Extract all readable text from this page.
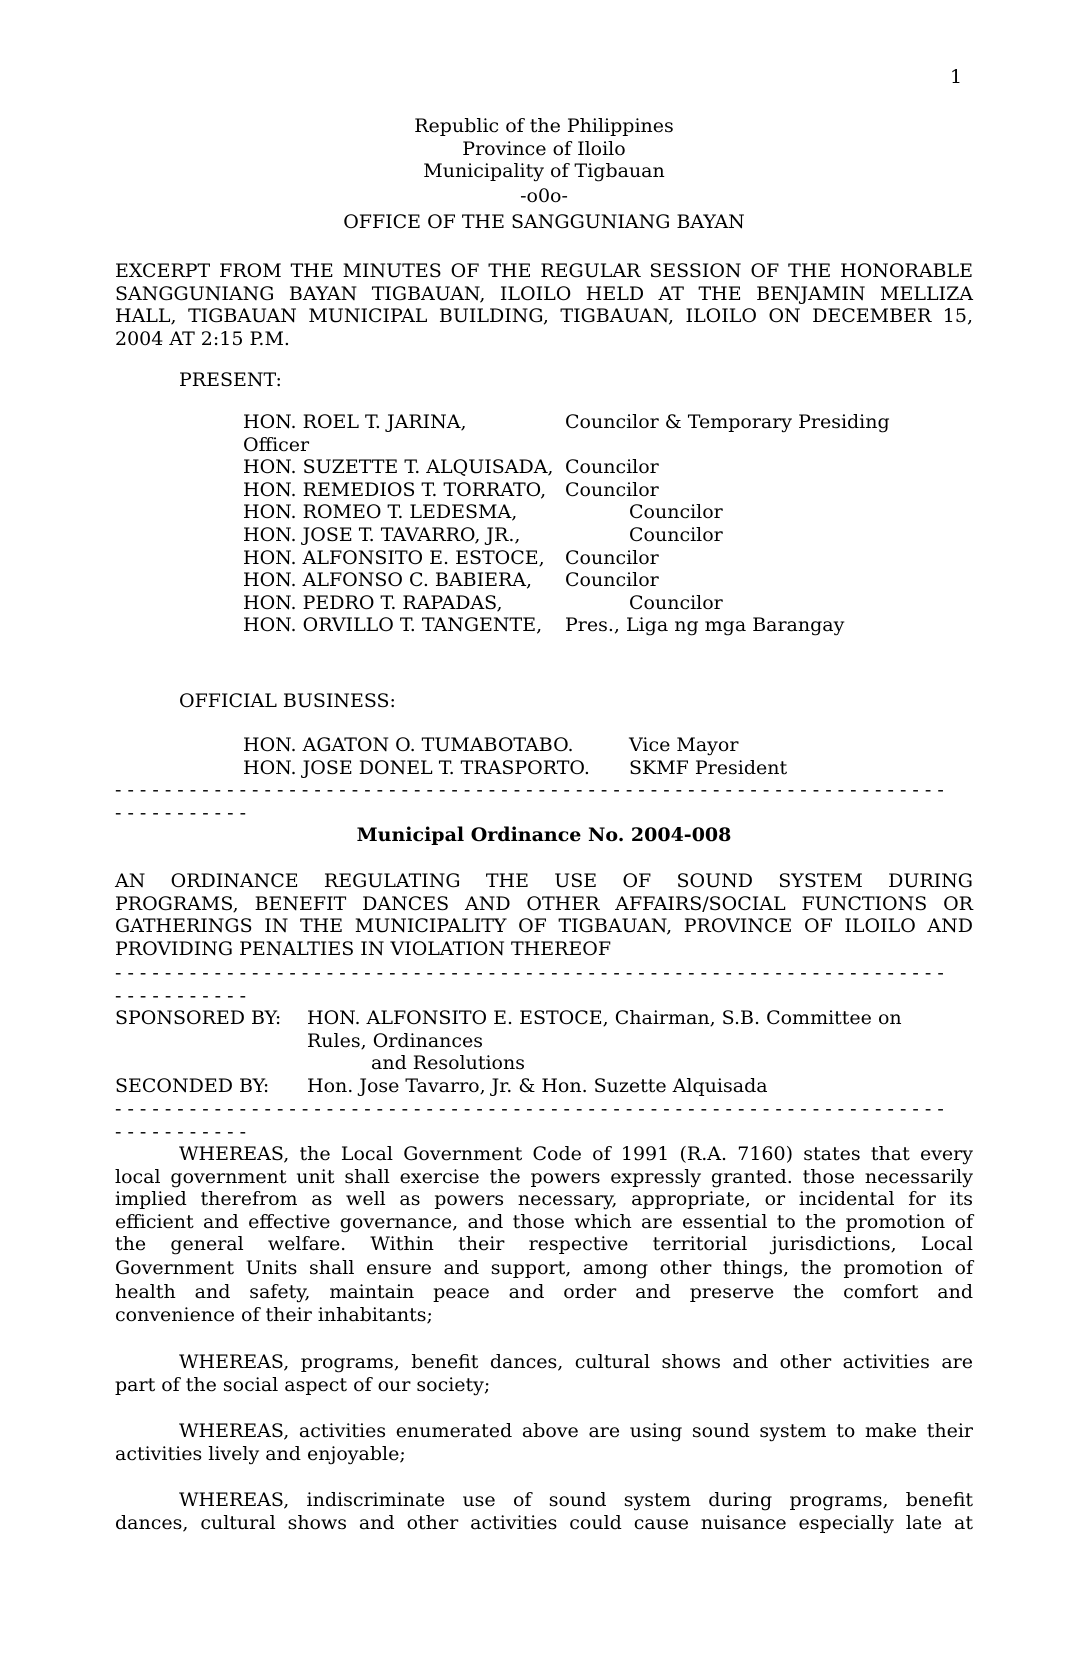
1
Republic of the Philippines
Province of Iloilo
Municipality of Tigbauan
-o0o-
OFFICE OF THE SANGGUNIANG BAYAN
EXCERPT FROM THE MINUTES OF THE REGULAR SESSION OF THE HONORABLE
SANGGUNIANG BAYAN TIGBAUAN, ILOILO HELD AT THE BENJAMIN MELLIZA
HALL, TIGBAUAN MUNICIPAL BUILDING, TIGBAUAN, ILOILO ON DECEMBER 15,
2004 AT 2:15 P.M.
PRESENT:
HON. ROEL T. JARINA,	Councilor & Temporary Presiding
Officer
HON. SUZETTE T. ALQUISADA, Councilor
HON. REMEDIOS T. TORRATO, Councilor
HON. ROMEO T. LEDESMA,	Councilor
HON. JOSE T. TAVARRO, JR.,	Councilor
HON. ALFONSITO E. ESTOCE, Councilor
HON. ALFONSO C. BABIERA, Councilor
HON. PEDRO T. RAPADAS,	Councilor
HON. ORVILLO T. TANGENTE, Pres., Liga ng mga Barangay
OFFICIAL BUSINESS:
HON. AGATON O. TUMABOTABO.	Vice Mayor
HON. JOSE DONEL T. TRASPORTO. SKMF President
- - - - - - - - - - - - - - - - - - - - - - - - - - - - - - - - - - - - - - - - - - - - - - - - - - - - - - - - - - - - - - - - - - -
- - - - - - - - - - -
Municipal Ordinance No. 2004-008
AN ORDINANCE REGULATING THE USE OF SOUND SYSTEM DURING
PROGRAMS, BENEFIT DANCES AND OTHER AFFAIRS/SOCIAL FUNCTIONS OR
GATHERINGS IN THE MUNICIPALITY OF TIGBAUAN, PROVINCE OF ILOILO AND
PROVIDING PENALTIES IN VIOLATION THEREOF
- - - - - - - - - - - - - - - - - - - - - - - - - - - - - - - - - - - - - - - - - - - - - - - - - - - - - - - - - - - - - - - - - - -
- - - - - - - - - - -
SPONSORED BY: HON. ALFONSITO E. ESTOCE, Chairman, S.B. Committee on
Rules, Ordinances
and Resolutions
SECONDED BY: Hon. Jose Tavarro, Jr. & Hon. Suzette Alquisada
- - - - - - - - - - - - - - - - - - - - - - - - - - - - - - - - - - - - - - - - - - - - - - - - - - - - - - - - - - - - - - - - - - -
- - - - - - - - - - -
WHEREAS, the Local Government Code of 1991 (R.A. 7160) states that every
local government unit shall exercise the powers expressly granted. those necessarily
implied therefrom as well as powers necessary, appropriate, or incidental for its
efficient and effective governance, and those which are essential to the promotion of
the general welfare. Within their respective territorial jurisdictions, Local
Government Units shall ensure and support, among other things, the promotion of
health and safety, maintain peace and order and preserve the comfort and
convenience of their inhabitants;
WHEREAS, programs, benefit dances, cultural shows and other activities are
part of the social aspect of our society;
WHEREAS, activities enumerated above are using sound system to make their
activities lively and enjoyable;
WHEREAS, indiscriminate use of sound system during programs, benefit
dances, cultural shows and other activities could cause nuisance especially late at
